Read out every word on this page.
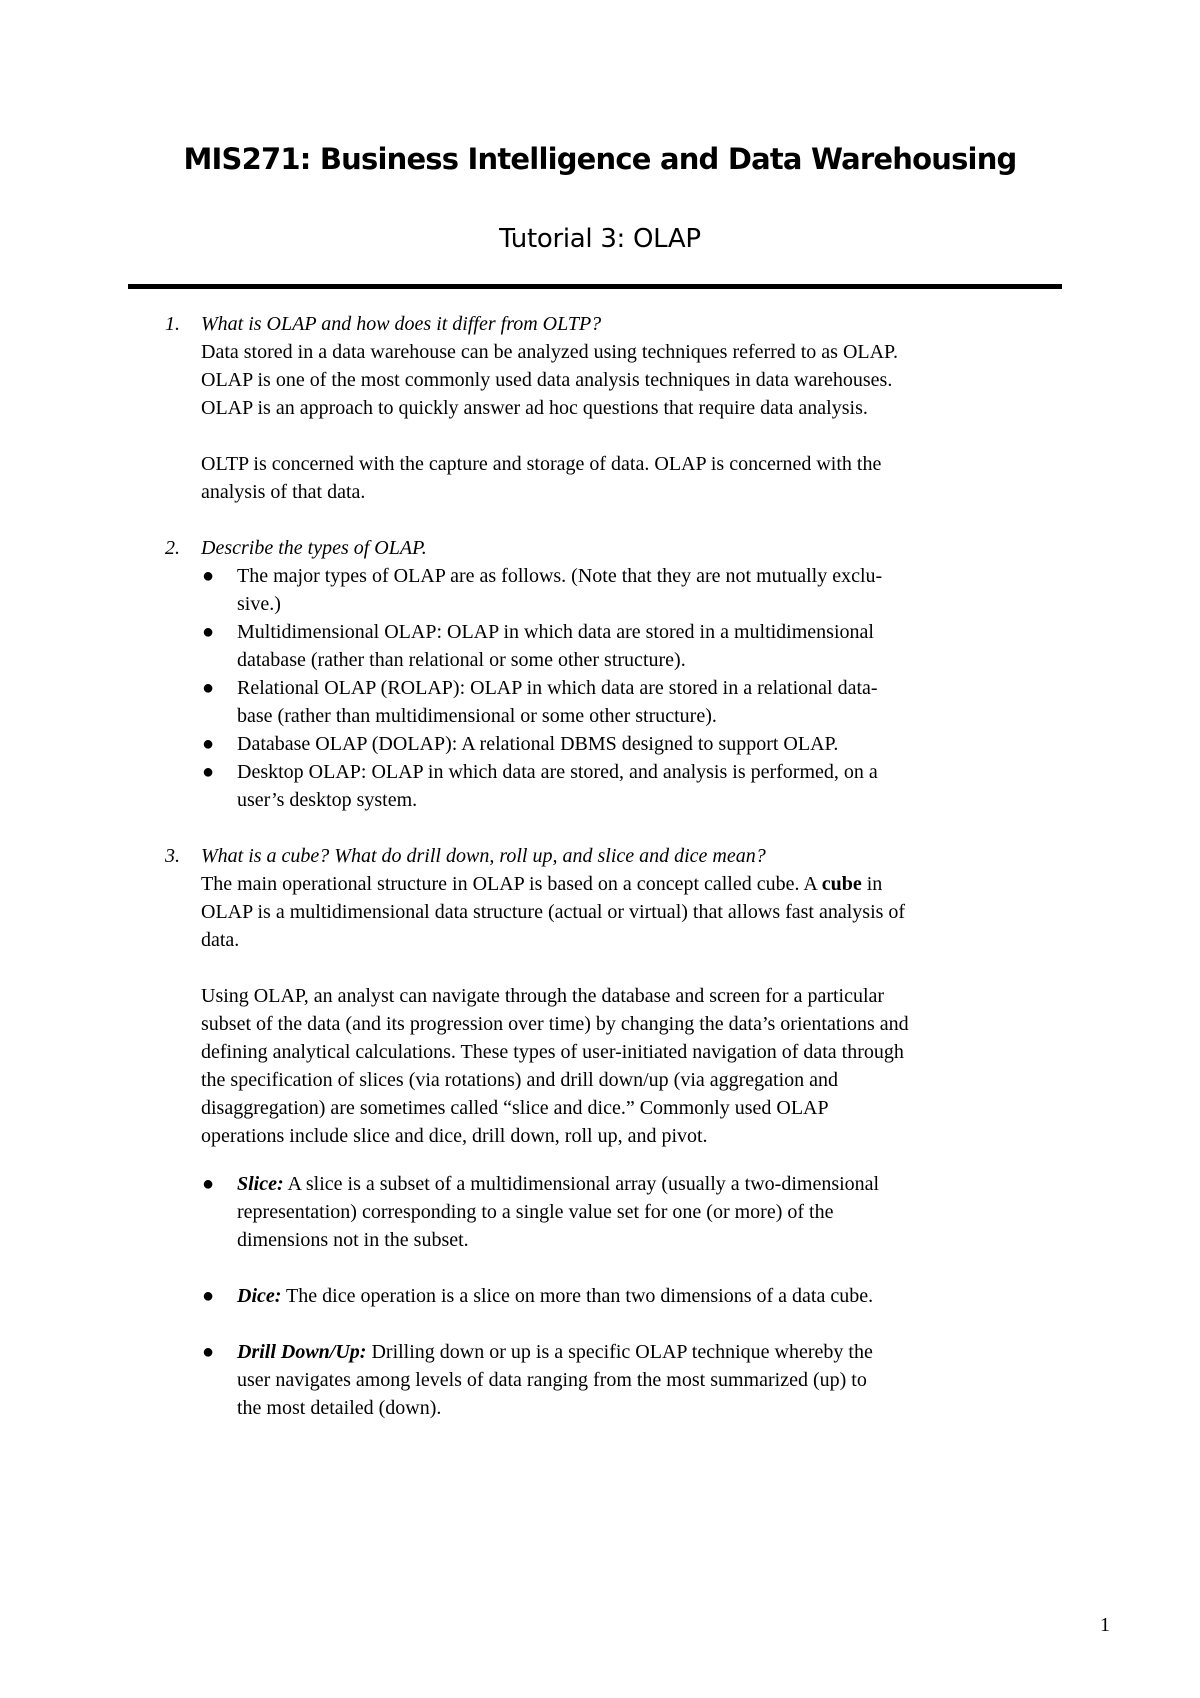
MIS271: Business Intelligence and Data Warehousing
Tutorial 3: OLAP
1. What is OLAP and how does it differ from OLTP?

Data stored in a data warehouse can be analyzed using techniques referred to as OLAP.

OLAP is one of the most commonly used data analysis techniques in data warehouses.

OLAP is an approach to quickly answer ad hoc questions that require data analysis.

OLTP is concerned with the capture and storage of data. OLAP is concerned with the

analysis of that data.

2. Describe the types of OLAP.

● The major types of OLAP are as follows. (Note that they are not mutually exclu-
sive.)
● Multidimensional OLAP: OLAP in which data are stored in a multidimensional
database (rather than relational or some other structure).
● Relational OLAP (ROLAP): OLAP in which data are stored in a relational data-
base (rather than multidimensional or some other structure).
● Database OLAP (DOLAP): A relational DBMS designed to support OLAP.
● Desktop OLAP: OLAP in which data are stored, and analysis is performed, on a
user’s desktop system.
3. What is a cube? What do drill down, roll up, and slice and dice mean?

The main operational structure in OLAP is based on a concept called cube. A cube in

OLAP is a multidimensional data structure (actual or virtual) that allows fast analysis of

data.

Using OLAP, an analyst can navigate through the database and screen for a particular

subset of the data (and its progression over time) by changing the data’s orientations and

defining analytical calculations. These types of user-initiated navigation of data through

the specification of slices (via rotations) and drill down/up (via aggregation and

disaggregation) are sometimes called “slice and dice.” Commonly used OLAP

operations include slice and dice, drill down, roll up, and pivot.

● Slice: A slice is a subset of a multidimensional array (usually a two-dimensional
representation) corresponding to a single value set for one (or more) of the
dimensions not in the subset.
● Dice: The dice operation is a slice on more than two dimensions of a data cube.
● Drill Down/Up: Drilling down or up is a specific OLAP technique whereby the
user navigates among levels of data ranging from the most summarized (up) to
the most detailed (down).
1
